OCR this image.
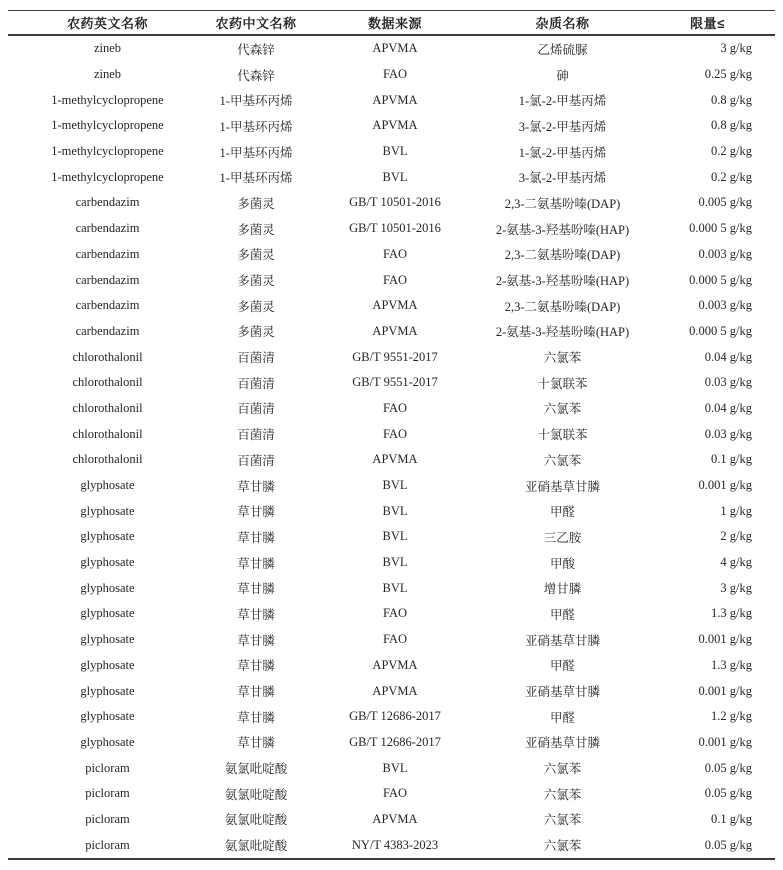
农药英文名称	农药中文名称	数据来源	杂质名称	限量≤
zineb	代森锌	APVMA	乙烯硫脲	3 g/kg
zineb	代森锌	FAO	砷	0.25 g/kg
1-methylcyclopropene	1-甲基环丙烯	APVMA	1-氯-2-甲基丙烯	0.8 g/kg
1-methylcyclopropene	1-甲基环丙烯	APVMA	3-氯-2-甲基丙烯	0.8 g/kg
1-methylcyclopropene	1-甲基环丙烯	BVL	1-氯-2-甲基丙烯	0.2 g/kg
1-methylcyclopropene	1-甲基环丙烯	BVL	3-氯-2-甲基丙烯	0.2 g/kg
carbendazim	多菌灵	GB/T 10501-2016	2,3-二氨基吩嗪(DAP)	0.005 g/kg
carbendazim	多菌灵	GB/T 10501-2016	2-氨基-3-羟基吩嗪(HAP)	0.000 5 g/kg
carbendazim	多菌灵	FAO	2,3-二氨基吩嗪(DAP)	0.003 g/kg
carbendazim	多菌灵	FAO	2-氨基-3-羟基吩嗪(HAP)	0.000 5 g/kg
carbendazim	多菌灵	APVMA	2,3-二氨基吩嗪(DAP)	0.003 g/kg
carbendazim	多菌灵	APVMA	2-氨基-3-羟基吩嗪(HAP)	0.000 5 g/kg
chlorothalonil	百菌清	GB/T 9551-2017	六氯苯	0.04 g/kg
chlorothalonil	百菌清	GB/T 9551-2017	十氯联苯	0.03 g/kg
chlorothalonil	百菌清	FAO	六氯苯	0.04 g/kg
chlorothalonil	百菌清	FAO	十氯联苯	0.03 g/kg
chlorothalonil	百菌清	APVMA	六氯苯	0.1 g/kg
glyphosate	草甘膦	BVL	亚硝基草甘膦	0.001 g/kg
glyphosate	草甘膦	BVL	甲醛	1 g/kg
glyphosate	草甘膦	BVL	三乙胺	2 g/kg
glyphosate	草甘膦	BVL	甲酸	4 g/kg
glyphosate	草甘膦	BVL	增甘膦	3 g/kg
glyphosate	草甘膦	FAO	甲醛	1.3 g/kg
glyphosate	草甘膦	FAO	亚硝基草甘膦	0.001 g/kg
glyphosate	草甘膦	APVMA	甲醛	1.3 g/kg
glyphosate	草甘膦	APVMA	亚硝基草甘膦	0.001 g/kg
glyphosate	草甘膦	GB/T 12686-2017	甲醛	1.2 g/kg
glyphosate	草甘膦	GB/T 12686-2017	亚硝基草甘膦	0.001 g/kg
picloram	氨氯吡啶酸	BVL	六氯苯	0.05 g/kg
picloram	氨氯吡啶酸	FAO	六氯苯	0.05 g/kg
picloram	氨氯吡啶酸	APVMA	六氯苯	0.1 g/kg
picloram	氨氯吡啶酸	NY/T 4383-2023	六氯苯	0.05 g/kg
